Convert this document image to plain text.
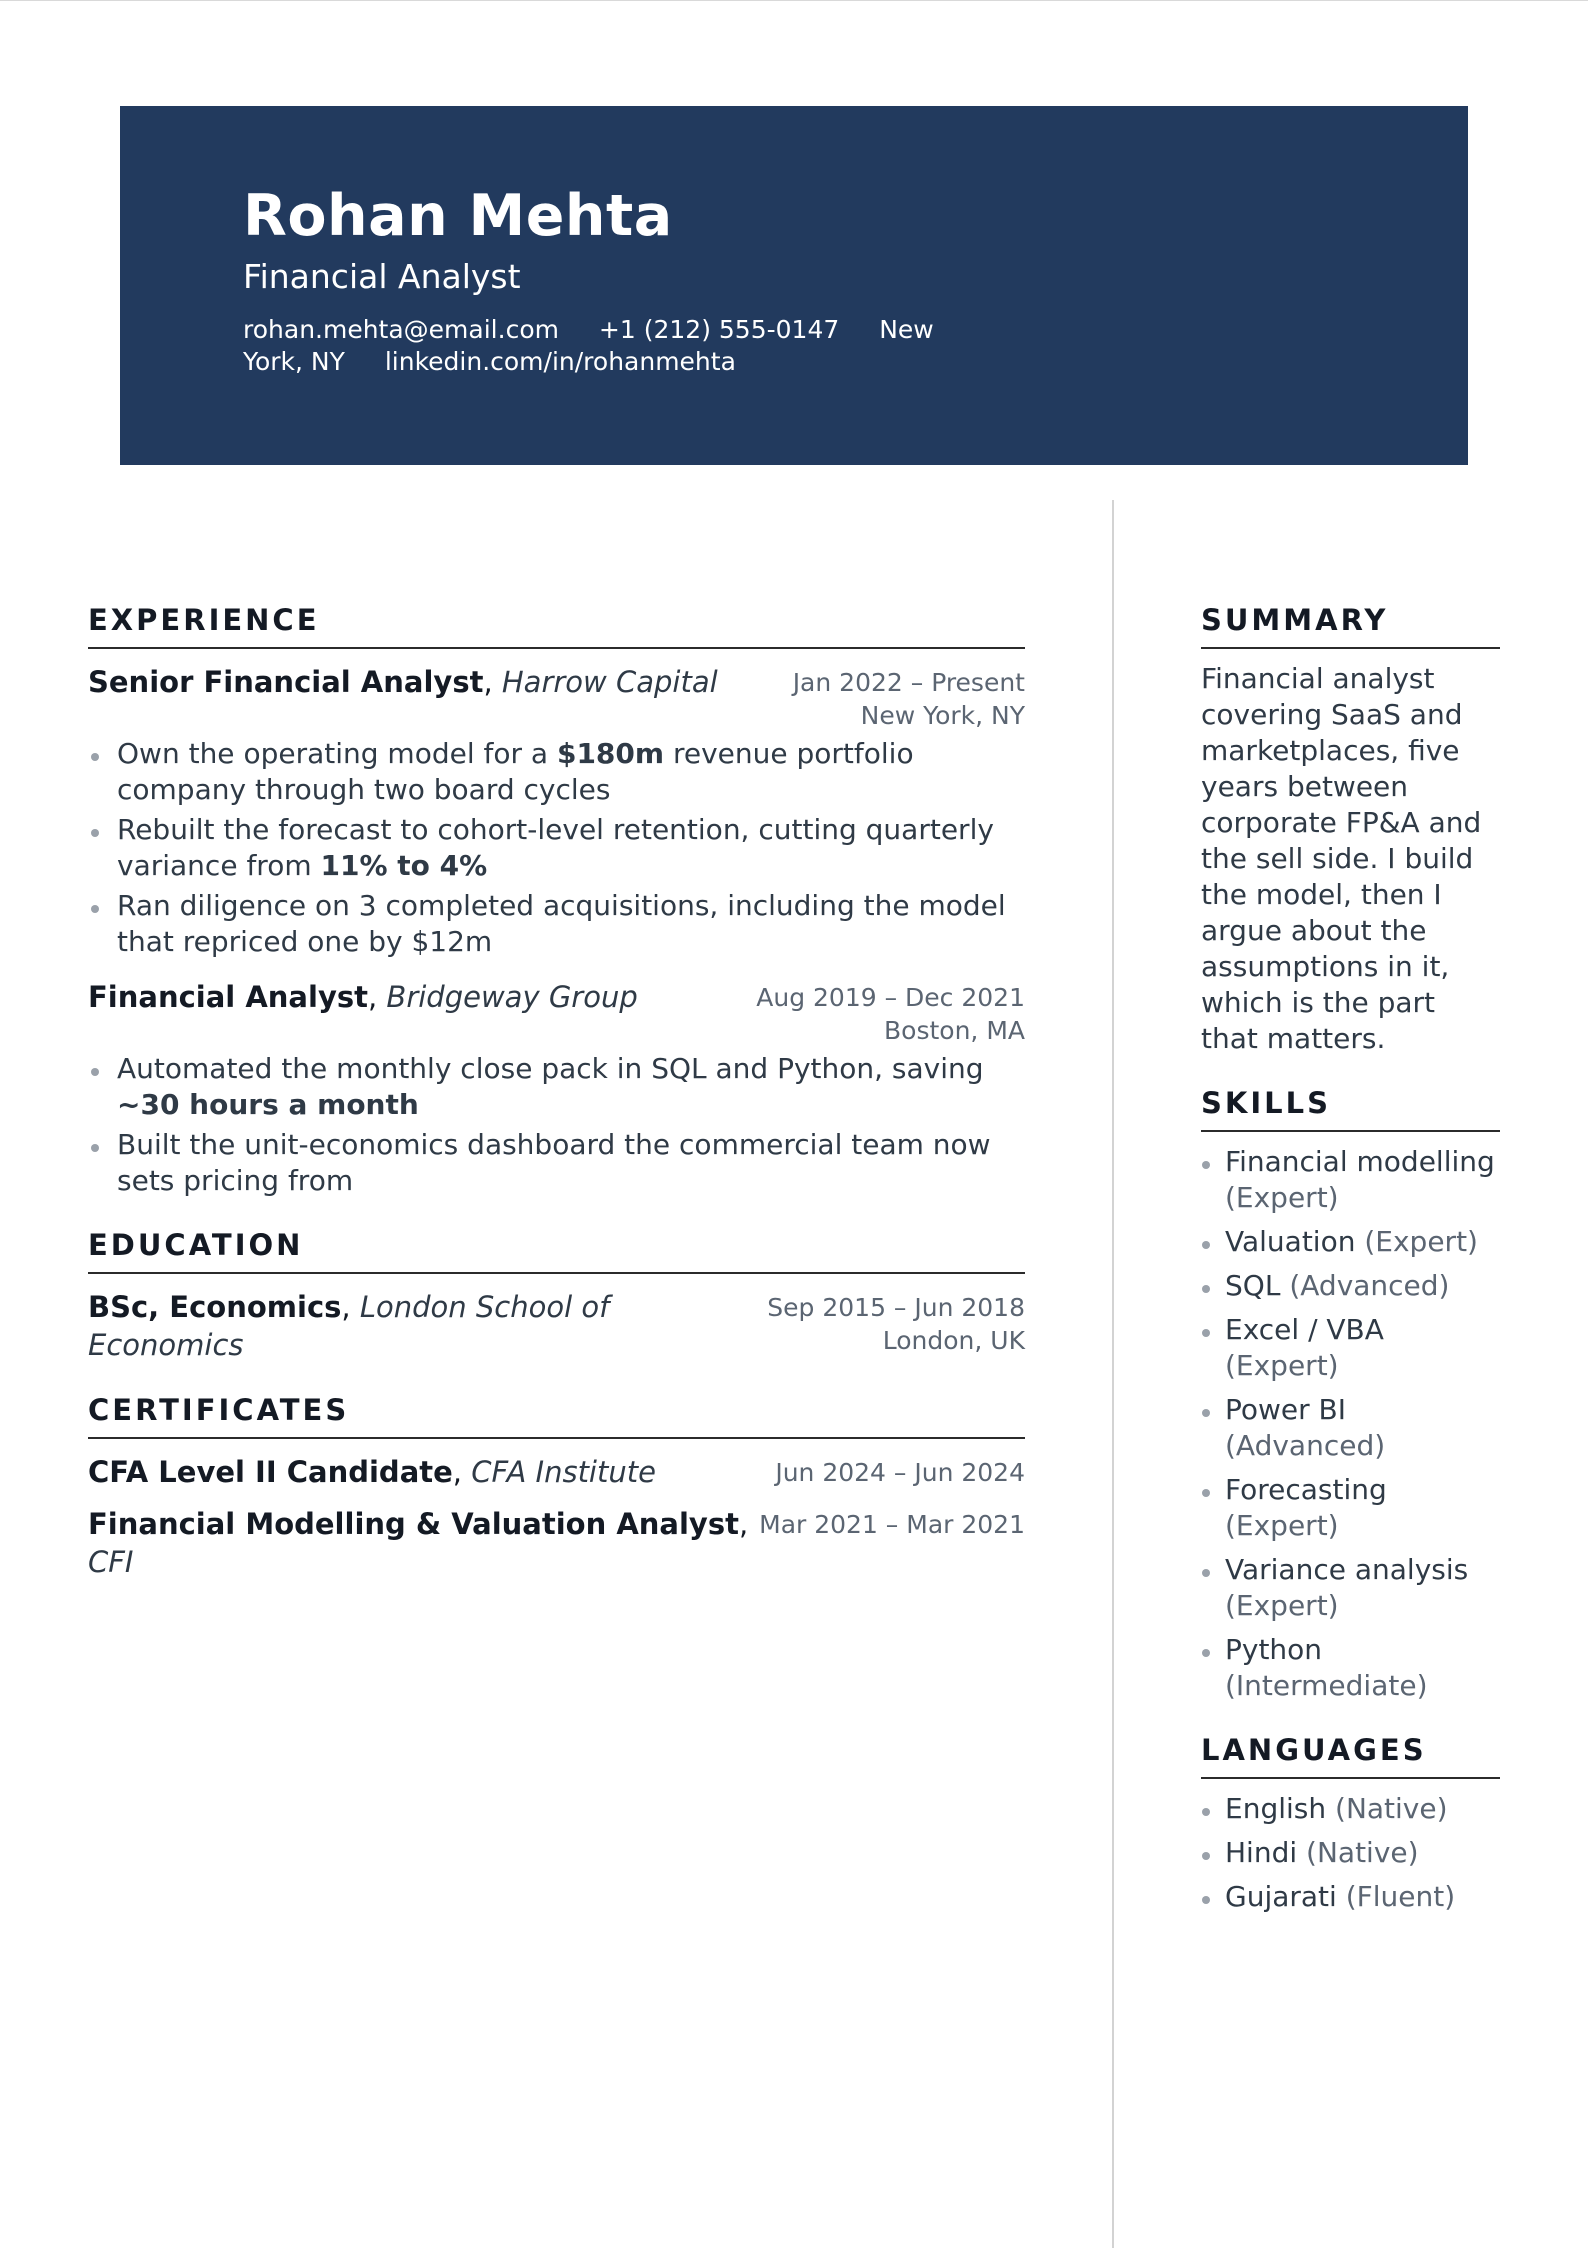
Rohan Mehta
Financial Analyst
rohan.mehta@email.com +1 (212) 555-0147 New York, NY linkedin.com/in/rohanmehta
EXPERIENCE
Senior Financial Analyst, Harrow Capital	Jan 2022 – Present
New York, NY
Own the operating model for a $180m revenue portfolio company through two board cycles
Rebuilt the forecast to cohort-level retention, cutting quarterly variance from 11% to 4%
Ran diligence on 3 completed acquisitions, including the model that repriced one by $12m
Financial Analyst, Bridgeway Group	Aug 2019 – Dec 2021
Boston, MA
Automated the monthly close pack in SQL and Python, saving ~30 hours a month
Built the unit-economics dashboard the commercial team now sets pricing from
EDUCATION
BSc, Economics, London School of Economics
Sep 2015 – Jun 2018
London, UK
CERTIFICATES
CFA Level II Candidate, CFA Institute	Jun 2024 – Jun 2024
Financial Modelling & Valuation Analyst, CFI
Mar 2021 – Mar 2021
SUMMARY
Financial analyst covering SaaS and marketplaces, five years between corporate FP&A and the sell side. I build the model, then I argue about the assumptions in it, which is the part that matters.
SKILLS
Financial modelling (Expert)
Valuation (Expert)
SQL (Advanced)
Excel / VBA (Expert)
Power BI (Advanced)
Forecasting (Expert)
Variance analysis (Expert)
Python (Intermediate)
LANGUAGES
English (Native)
Hindi (Native)
Gujarati (Fluent)
